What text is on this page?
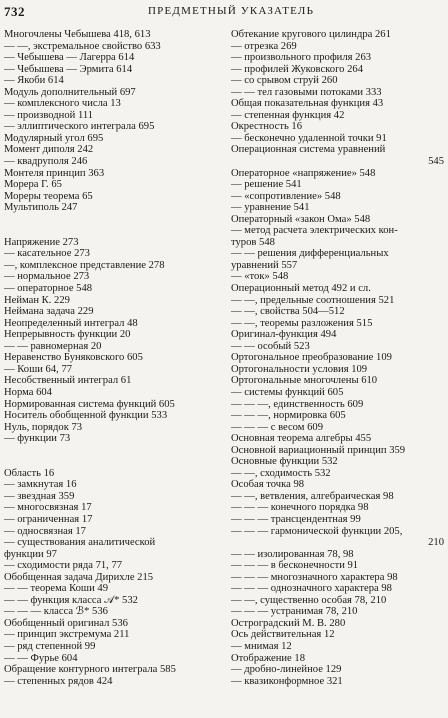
732	ПРЕДМЕТНЫЙ УКАЗАТЕЛЬ
Многочлены Чебышева 418, 613
— —, экстремальное свойство 633
— Чебышева — Лагерра 614
— Чебышева — Эрмита 614
— Якоби 614
Модуль дополнительный 697
— комплексного числа 13
— производной 111
— эллиптического интеграла 695
Модулярный угол 695
Момент диполя 242
— квадруполя 246
Монтеля принцип 363
Морера Г. 65
Мореры теорема 65
Мультиполь 247
Напряжение 273
— касательное 273
—, комплексное представление 278
— нормальное 273
— операторное 548
Нейман К. 229
Неймана задача 229
Неопределенный интеграл 48
Непрерывность функции 20
— — равномерная 20
Неравенство Буняковского 605
— Коши 64, 77
Несобственный интеграл 61
Норма 604
Нормированная система функций 605
Носитель обобщенной функции 533
Нуль, порядок 73
— функции 73
Область 16
— замкнутая 16
— звездная 359
— многосвязная 17
— ограниченная 17
— односвязная 17
— существования аналитической
функции 97
— сходимости ряда 71, 77
Обобщенная задача Дирихле 215
— — теорема Коши 49
— — функция класса 𝒜* 532
— — — класса ℬ* 536
Обобщенный оригинал 536
— принцип экстремума 211
— ряд степенной 99
— — Фурье 604
Обращение контурного интеграла 585
— степенных рядов 424
Обтекание кругового цилиндра 261
— отрезка 269
— произвольного профиля 263
— профилей Жуковского 264
— со срывом струй 260
— — тел газовыми потоками 333
Общая показательная функция 43
— степенная функция 42
Окрестность 16
— бесконечно удаленной точки 91
Операционная система уравнений
545
Операторное «напряжение» 548
— решение 541
— «сопротивление» 548
— уравнение 541
Операторный «закон Ома» 548
— метод расчета электрических кон-
туров 548
— — решения дифференциальных
уравнений 557
— «ток» 548
Операционный метод 492 и сл.
— —, предельные соотношения 521
— —, свойства 504—512
— —, теоремы разложения 515
Оригинал-функция 494
— — особый 523
Ортогональное преобразование 109
Ортогональности условия 109
Ортогональные многочлены 610
— системы функций 605
— — —, единственность 609
— — —, нормировка 605
— — — с весом 609
Основная теорема алгебры 455
Основной вариационный принцип 359
Основные функции 532
— —, сходимость 532
Особая точка 98
— —, ветвления, алгебраическая 98
— — — конечного порядка 98
— — — трансцендентная 99
— — — гармонической функции 205,
210
— — изолированная 78, 98
— — — в бесконечности 91
— — — многозначного характера 98
— — — однозначного характера 98
— —, существенно особая 78, 210
— — — устранимая 78, 210
Остроградский М. В. 280
Ось действительная 12
— мнимая 12
Отображение 18
— дробно-линейное 129
— квазиконформное 321
